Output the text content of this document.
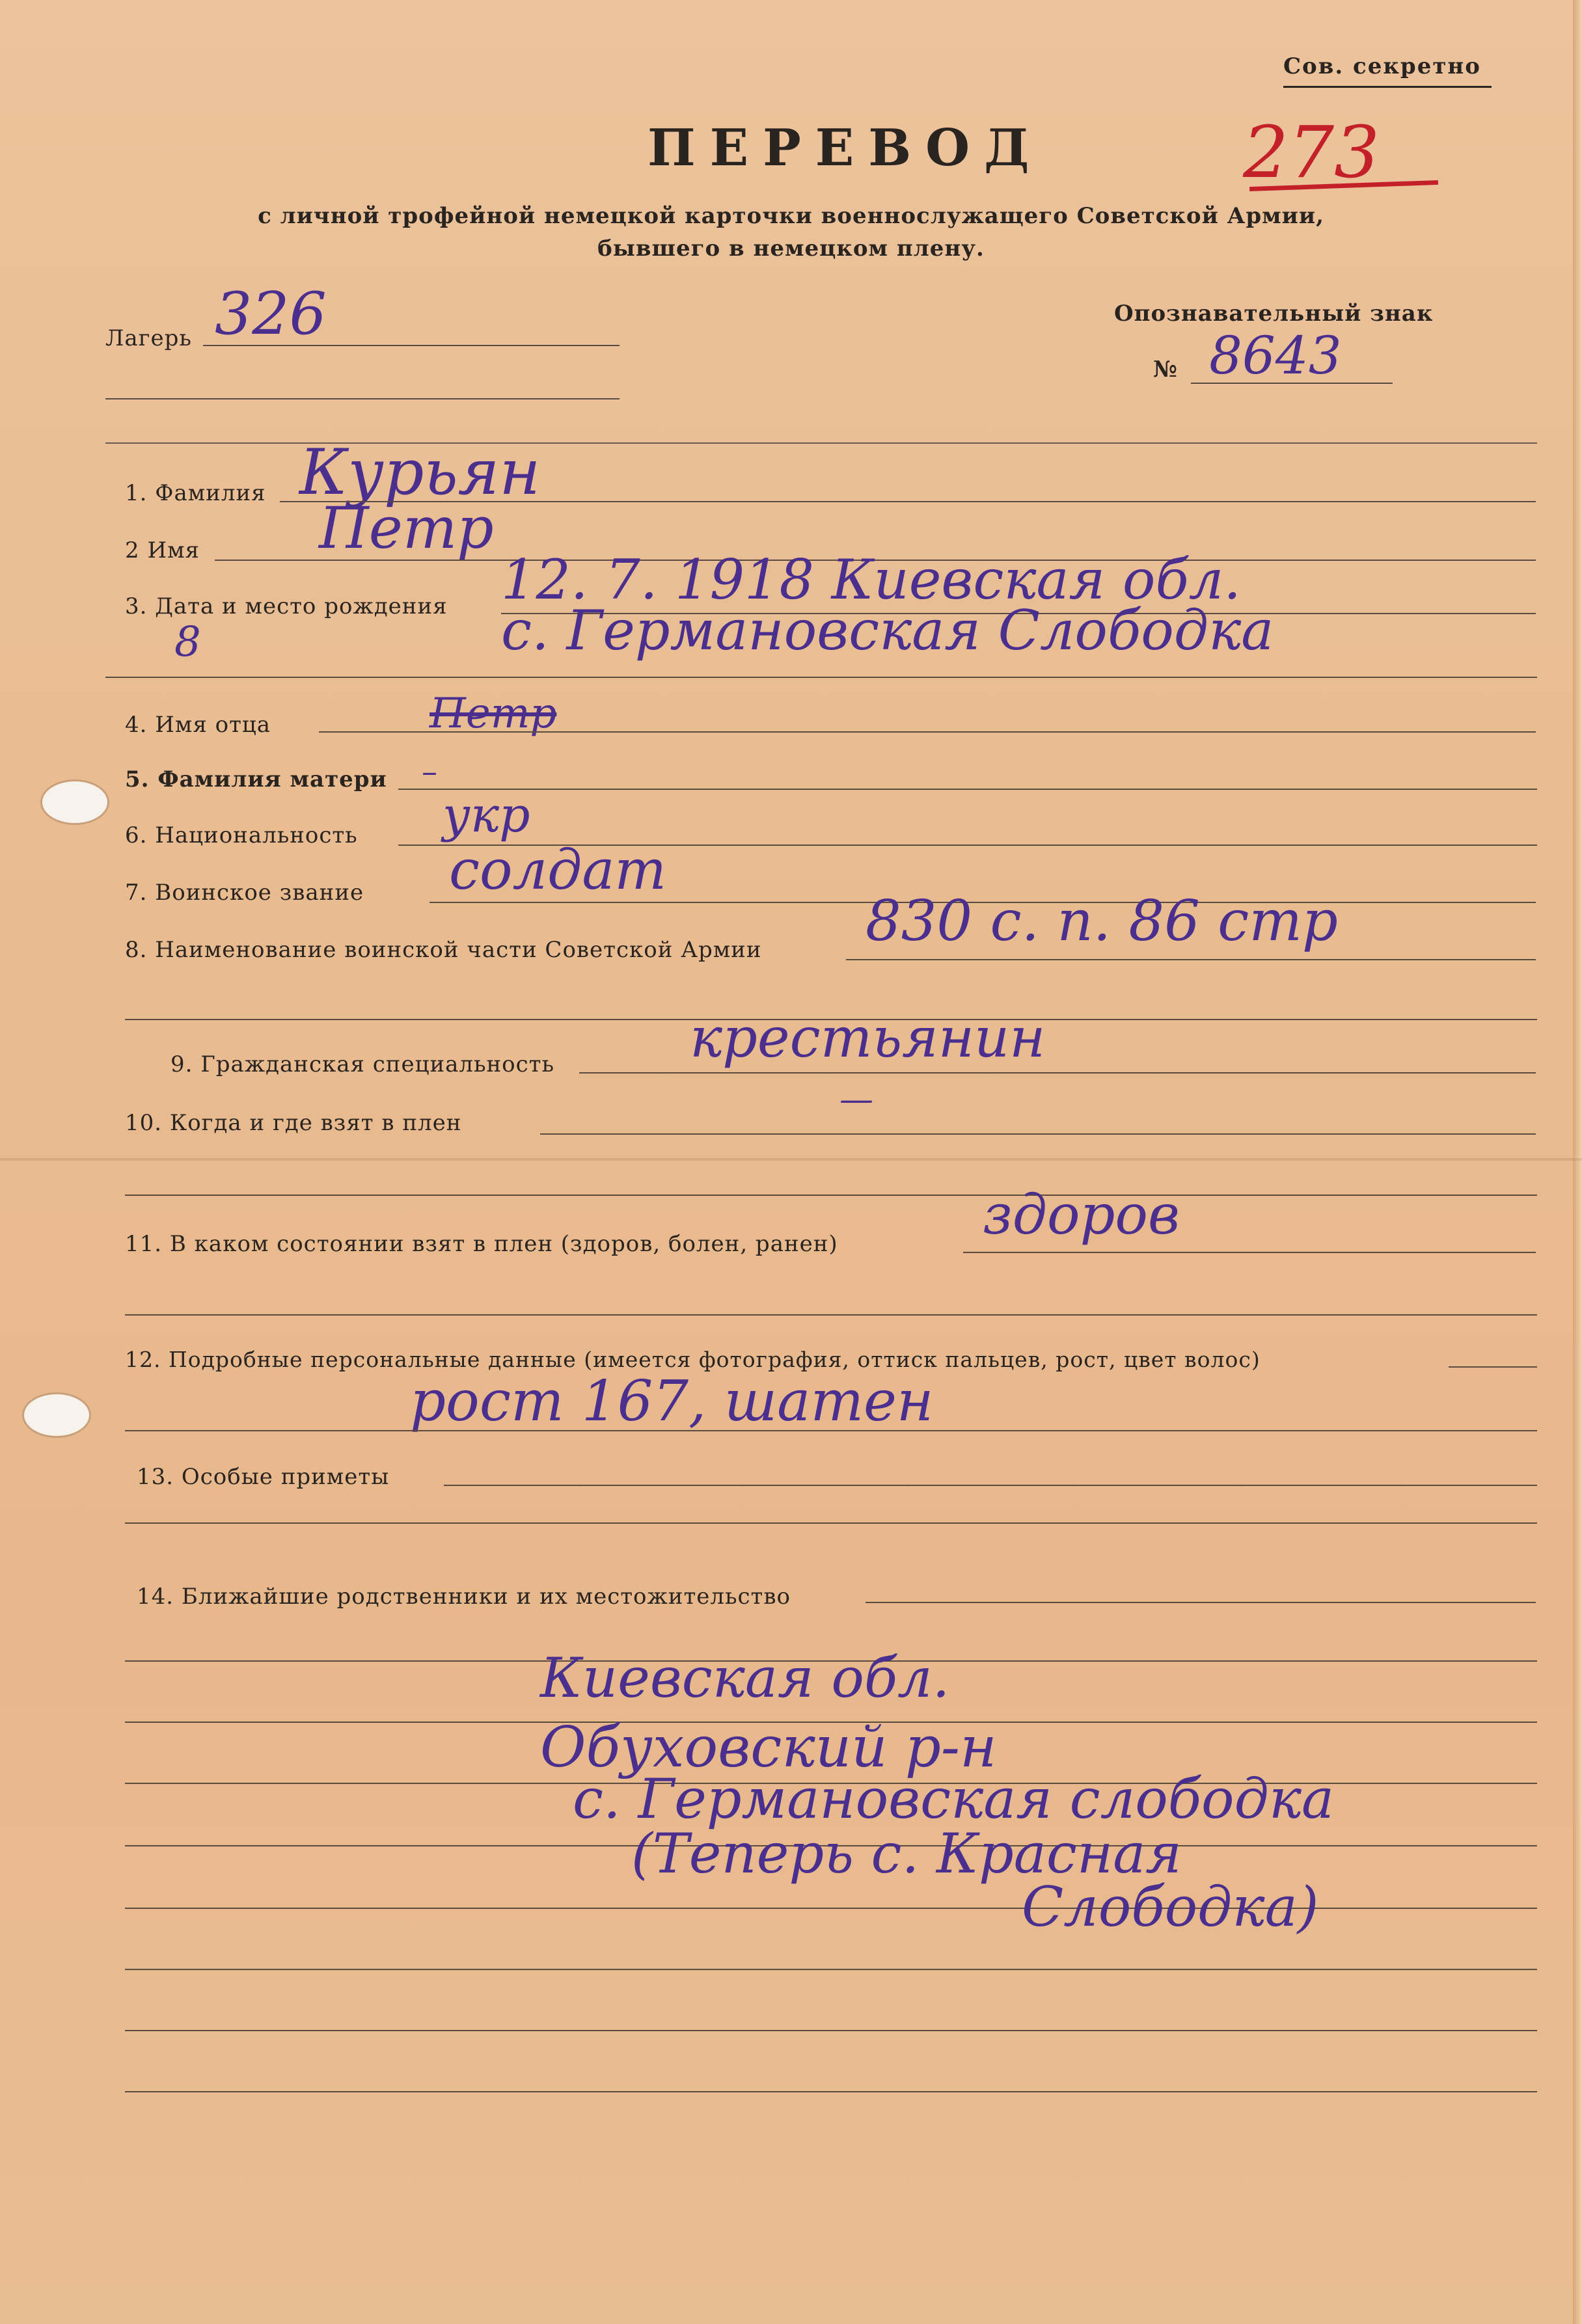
Сов. секретно
273
ПЕРЕВОД
с личной трофейной немецкой карточки военнослужащего Советской Армии,
бывшего в немецком плену.
Лагерь 326	Опознавательный знак
№ 8643
1. Фамилия Курьян
2 Имя Петр
3. Дата и место рождения 12. 7. 1918 Киевская обл.
8	с. Германовская Слободка
4. Имя отца	Петр
5. Фамилия матери –
6. Национальность укр
7. Воинское звание солдат
8. Наименование воинской части Советской Армии 830 с. п. 86 стр
9. Гражданская специальность крестьянин
10. Когда и где взят в плен
—
11. В каком состоянии взят в плен (здоров, болен, ранен)	здоров
12. Подробные персональные данные (имеется фотография, оттиск пальцев, рост, цвет волос)
рост 167, шатен
13. Особые приметы
14. Ближайшие родственники и их местожительство
Киевская обл.
Обуховский р-н
с. Германовская слободка
(Теперь с. Красная
Слободка)
